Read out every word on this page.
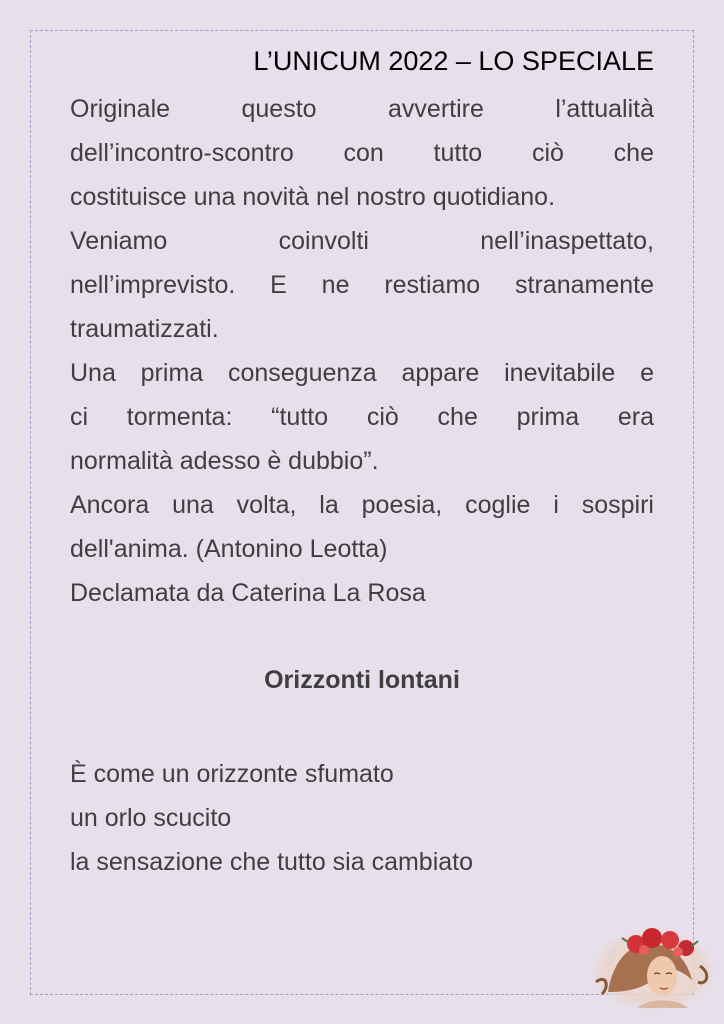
L’UNICUM 2022 – LO SPECIALE

Originale questo avvertire l’attualità

dell’incontro-scontro con tutto ciò che

costituisce una novità nel nostro quotidiano.

Veniamo coinvolti nell’inaspettato,

nell’imprevisto. E ne restiamo stranamente

traumatizzati.

Una prima conseguenza appare inevitabile e

ci tormenta: “tutto ciò che prima era

normalità adesso è dubbio”.

Ancora una volta, la poesia, coglie i sospiri

dell'anima. (Antonino Leotta)

Declamata da Caterina La Rosa

Orizzonti lontani

È come un orizzonte sfumato

un orlo scucito

la sensazione che tutto sia cambiato
